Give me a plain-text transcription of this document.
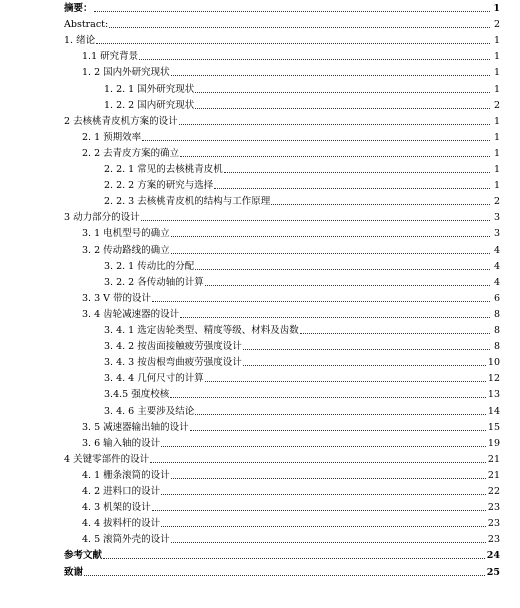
摘要：	1
Abstract:	2
1. 绪论	1
1.1 研究背景	1
1. 2 国内外研究现状	1
1. 2. 1 国外研究现状	1
1. 2. 2 国内研究现状	2
2 去核桃青皮机方案的设计	1
2. 1 预期效率	1
2. 2 去青皮方案的确立	1
2. 2. 1 常见的去核桃青皮机	1
2. 2. 2 方案的研究与选择	1
2. 2. 3 去核桃青皮机的结构与工作原理	2
3 动力部分的设计	3
3. 1 电机型号的确立	3
3. 2 传动路线的确立	4
3. 2. 1 传动比的分配	4
3. 2. 2 各传动轴的计算	4
3. 3 V 带的设计	6
3. 4 齿轮减速器的设计	8
3. 4. 1 选定齿轮类型、精度等级、材料及齿数	8
3. 4. 2 按齿面接触疲劳强度设计	8
3. 4. 3 按齿根弯曲疲劳强度设计	10
3. 4. 4 几何尺寸的计算	12
3.4.5 强度校核	13
3. 4. 6 主要涉及结论	14
3. 5 减速器输出轴的设计	15
3. 6 输入轴的设计	19
4 关键零部件的设计	21
4. 1 栅条滚筒的设计	21
4. 2 进料口的设计	22
4. 3 机架的设计	23
4. 4 拔料杆的设计	23
4. 5 滚筒外壳的设计	23
参考文献	24
致谢	25
